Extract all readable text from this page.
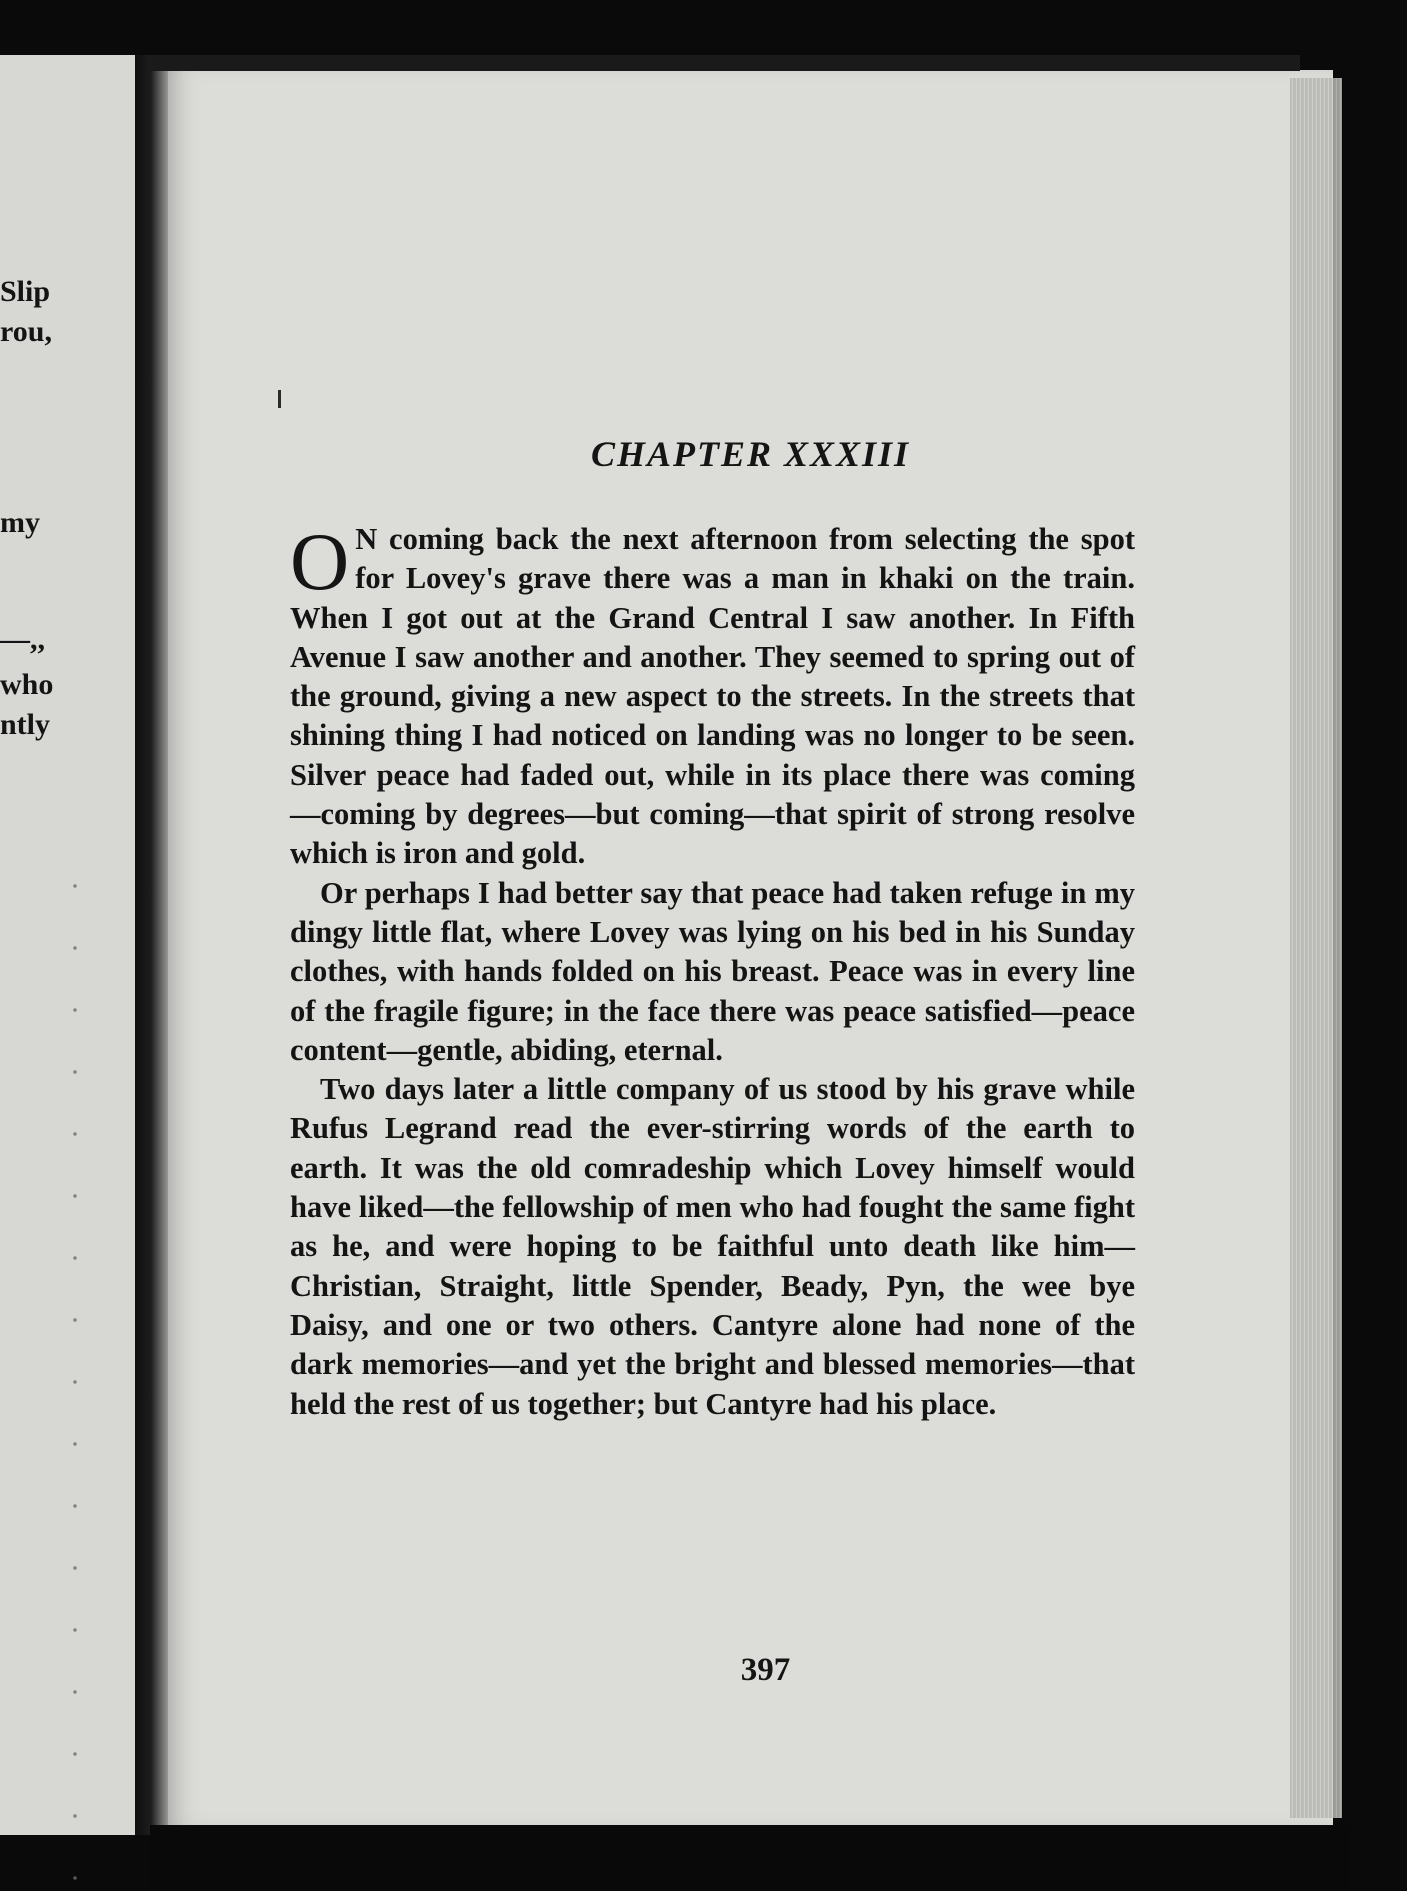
Slip
rou,
my
—,,
who
ntly
CHAPTER XXXIII

O N coming back the next afternoon from selecting the spot for Lovey's grave there was a man in khaki on the train. When I got out at the Grand Central I saw another. In Fifth Avenue I saw another and another. They seemed to spring out of the ground, giving a new aspect to the streets. In the streets that shining thing I had noticed on landing was no longer to be seen. Silver peace had faded out, while in its place there was coming —coming by degrees—but coming—that spirit of strong resolve which is iron and gold.

Or perhaps I had better say that peace had taken refuge in my dingy little flat, where Lovey was lying on his bed in his Sunday clothes, with hands folded on his breast. Peace was in every line of the fragile figure; in the face there was peace satisfied—peace content—gentle, abiding, eternal.

Two days later a little company of us stood by his grave while Rufus Legrand read the ever-stirring words of the earth to earth. It was the old comradeship which Lovey himself would have liked—the fellowship of men who had fought the same fight as he, and were hoping to be faithful unto death like him—Christian, Straight, little Spender, Beady, Pyn, the wee bye Daisy, and one or two others. Cantyre alone had none of the dark memories—and yet the bright and blessed memories—that held the rest of us together; but Cantyre had his place.

397
